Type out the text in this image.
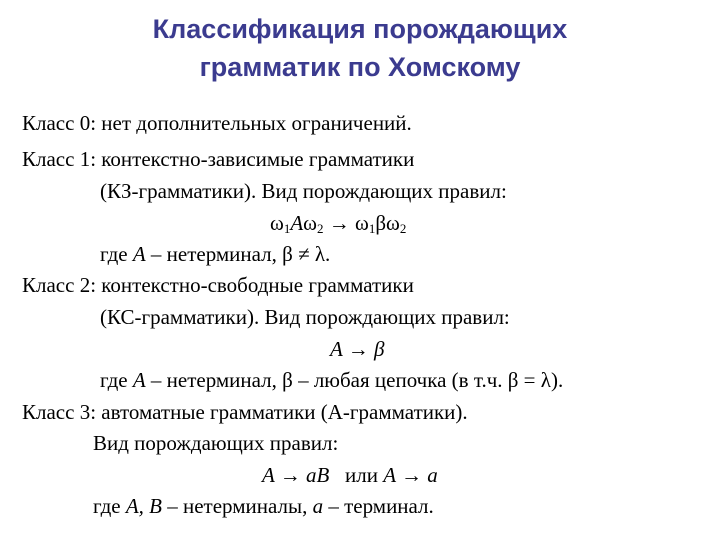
Классификация порождающих
грамматик по Хомскому
Класс 0: нет дополнительных ограничений.
Класс 1: контекстно-зависимые грамматики
(КЗ-грамматики). Вид порождающих правил:
$\omega_1A\omega_2 \to \omega_1\beta\omega_2$
где A – нетерминал, β ≠ λ.
Класс 2: контекстно-свободные грамматики
(КС-грамматики). Вид порождающих правил:
A → β
где A – нетерминал, β – любая цепочка (в т.ч. β = λ).
Класс 3: автоматные грамматики (А-грамматики).
Вид порождающих правил:
A → aB   или A → a
где A, B – нетерминалы, a – терминал.
